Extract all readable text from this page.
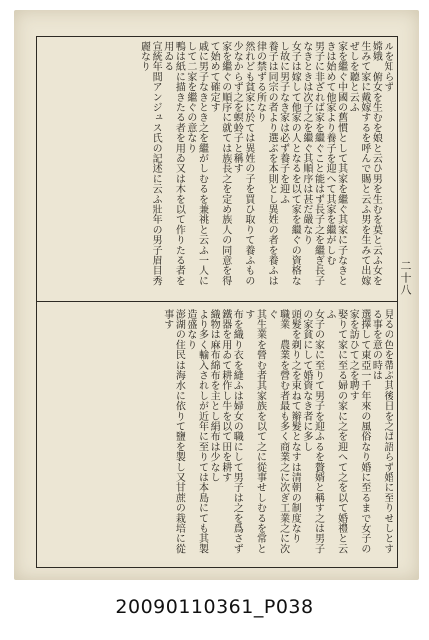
ルを知らず

嫦娥　俯女を生むを娘と云ひ男を生むを莫と云ふ女を生みて家に戴嫁するを呼んで賜と云ふ男を生みて出嫁ぜしを聽と云ふ

家を繼ぐ中國の舊慣として其家を繼ぐ其家に子なきときは始めて他家より養子を迎へて其家を繼がしむ

男子に非ざれば家を繼ぐこと能はず長子之を繼ぎ長子なきときは次子之を繼ぐ其順序は甚だ嚴なり

女子は嫁して他家の人となるを以て家を繼ぐの資格なし故に男子なき家は必ず養子を迎ふ

養子は同宗の者より選ぶを本則とし異姓の者を養ふは律の禁ずる所なり

然れども貧家に於ては異姓の子を買ひ取りて養ふもの少なからず之を螟蛉子と稱す

家を繼ぐの順序に就ては族長之を定め族人の同意を得て始めて確定す

戚に男子なきとき之を繼がしむるを兼祧と云ふ一人にして二家を繼ぐの意なり

鴨は紙に描きたる者を用ゐ又は木を以て作りたる者を用ゐる

宣統年間アンジュス氏の記述に云ふ壯年の男子眉目秀麗なり

見るの色を帶ぶ其後日を之ば語らず婚に至りせしとする事を意の時は

選擇して東亞一千年來の風俗なり婚に至るまで女子の家を訪ひて之を聘す

娶りて家に至る婦の家に之を迎へて之を以て婚禮と云ふ

女子の家に至りて男子を迎ふるを贅婿と稱す之は男子の家貧にして婚資なき者に多し

頭髮を剃り之を束ねて辮髮となすは清朝の制度なり

職業　農業を營む者最も多く商業之に次ぎ工業之に次ぐ

其生業を營む者其家族を以て之に從事せしむるを常とす

布を織り衣を縫ふは婦女の職にして男子は之を爲さず

鐵器を用ゐて耕作し牛を以て田を耕す

織物は麻布綿布を主とし絹布は少なし

より多く輸入されしが近年に至りては本島にても其製造盛なり

澎湖の住民は海水に依りて鹽を製し又甘蔗の栽培に從事す

二十八
20090110361_P038
